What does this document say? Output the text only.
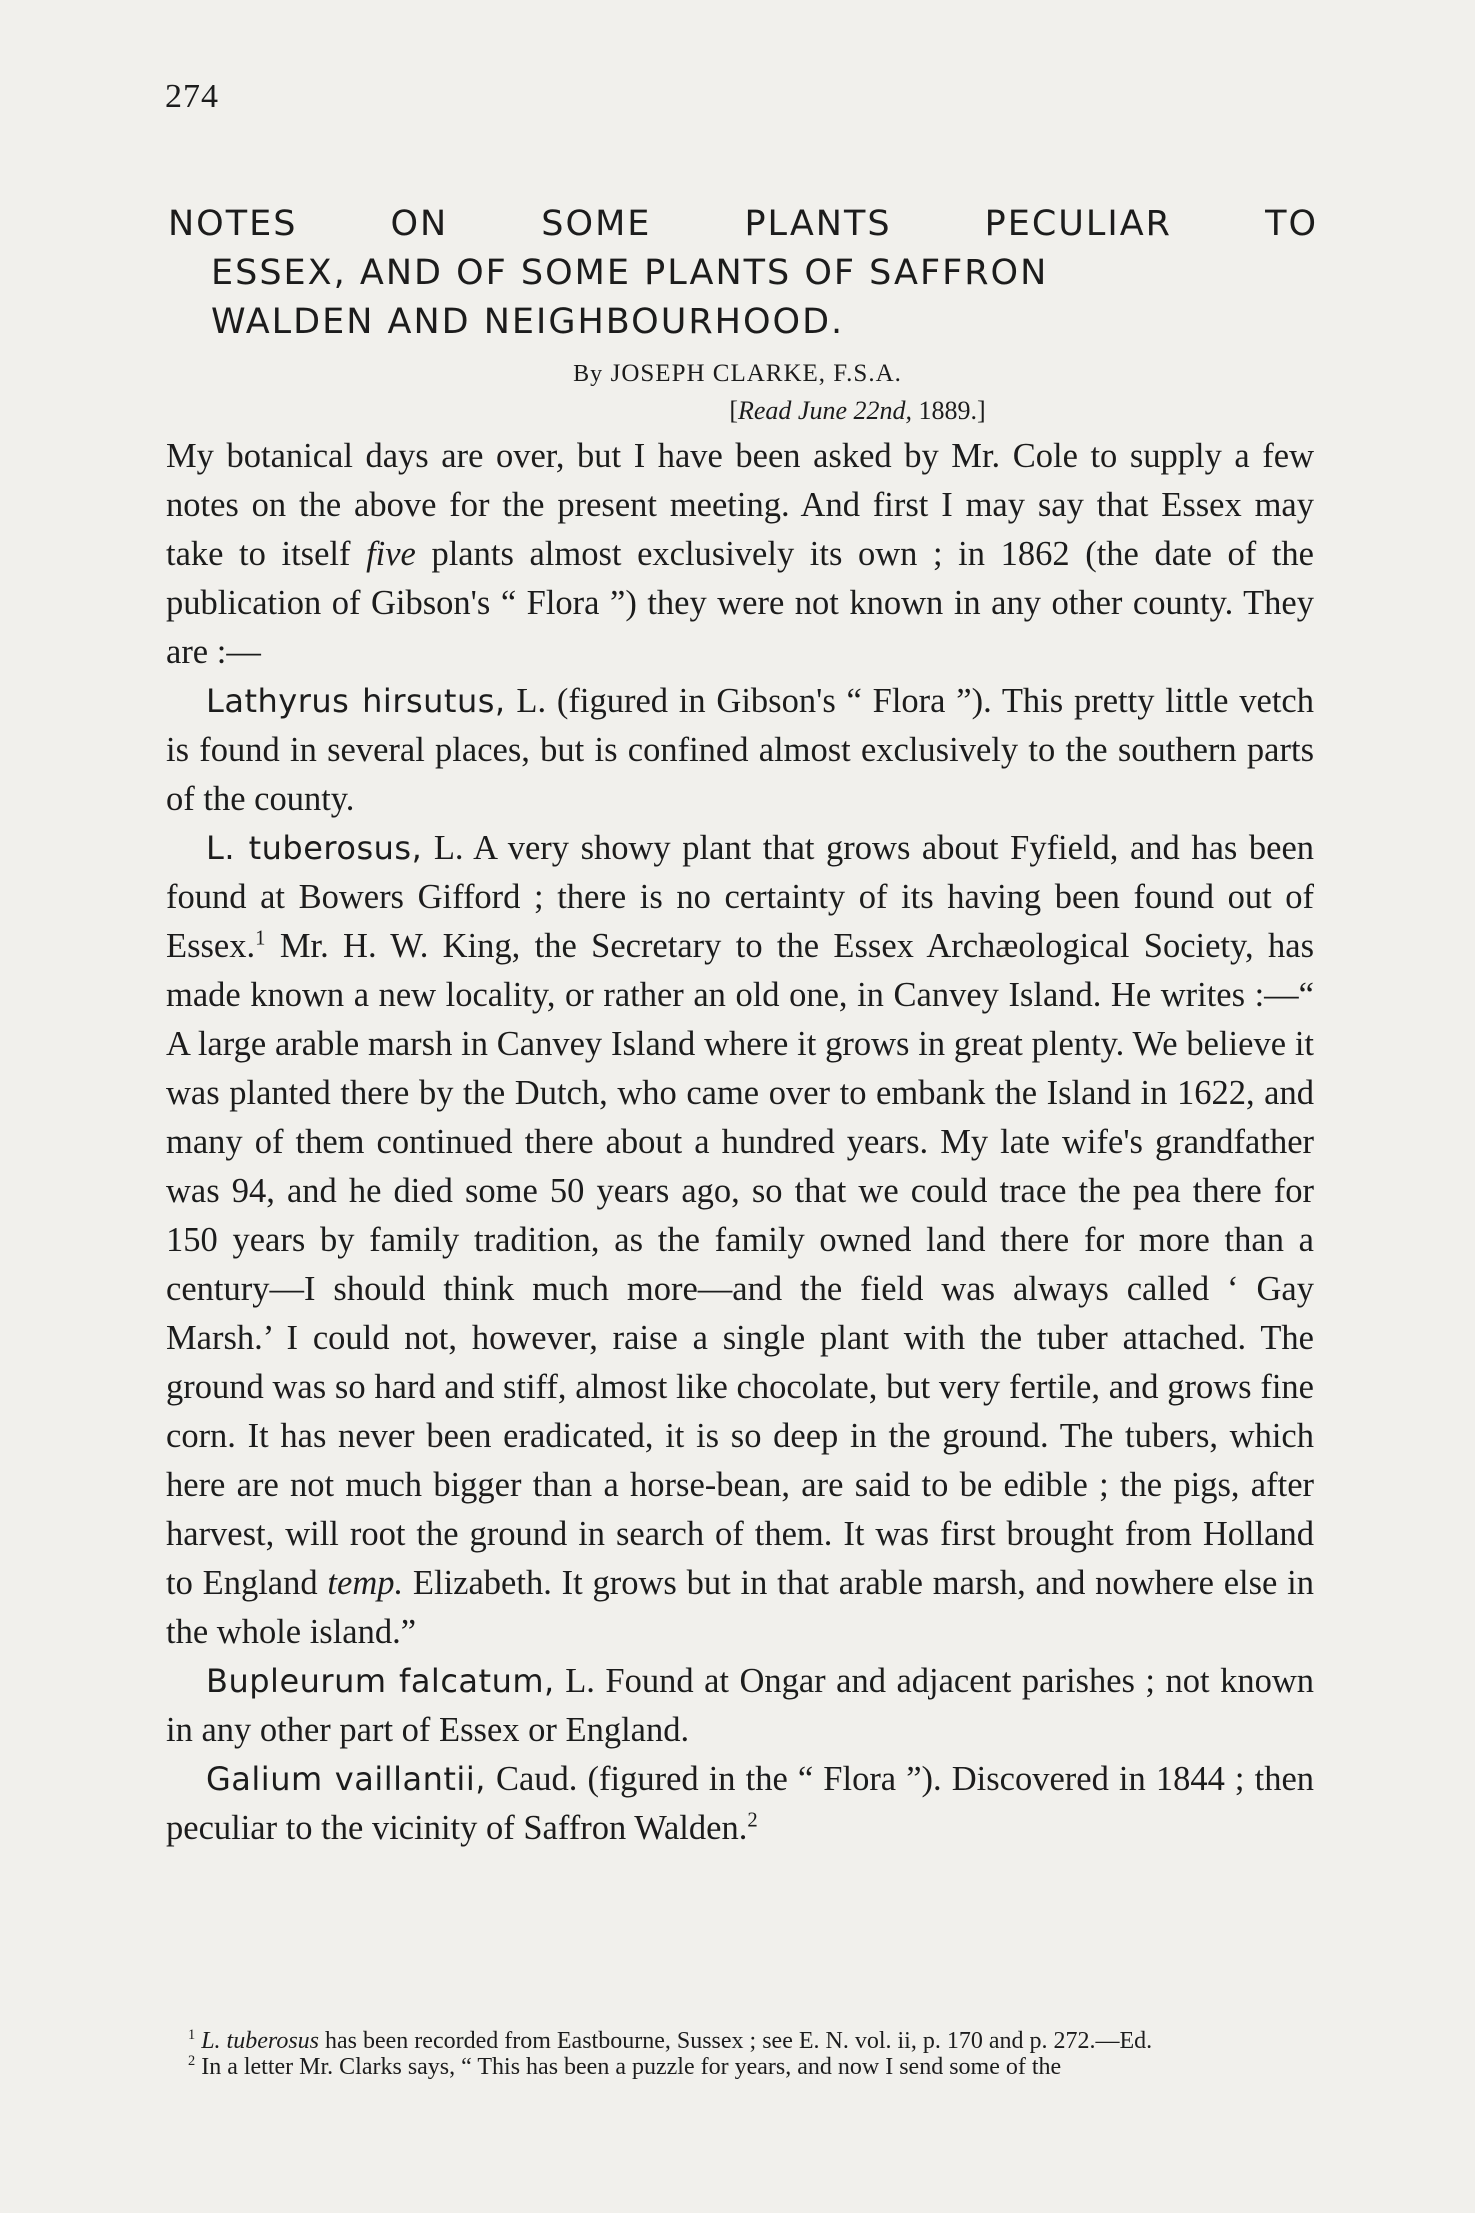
274
NOTES ON SOME PLANTS PECULIAR TO
ESSEX, AND OF SOME PLANTS OF SAFFRON
WALDEN AND NEIGHBOURHOOD.
By JOSEPH CLARKE, F.S.A.
[Read June 22nd, 1889.]

My botanical days are over, but I have been asked by Mr. Cole to supply a few notes on the above for the present meeting. And first I may say that Essex may take to itself five plants almost exclusively its own ; in 1862 (the date of the publication of Gibson's “ Flora ”) they were not known in any other county. They are :—

Lathyrus hirsutus, L. (figured in Gibson's “ Flora ”). This pretty little vetch is found in several places, but is confined almost exclusively to the southern parts of the county.

L. tuberosus, L. A very showy plant that grows about Fyfield, and has been found at Bowers Gifford ; there is no certainty of its having been found out of Essex.$^1$ Mr. H. W. King, the Secretary to the Essex Archæological Society, has made known a new locality, or rather an old one, in Canvey Island. He writes :—“ A large arable marsh in Canvey Island where it grows in great plenty. We believe it was planted there by the Dutch, who came over to embank the Island in 1622, and many of them continued there about a hundred years. My late wife's grandfather was 94, and he died some 50 years ago, so that we could trace the pea there for 150 years by family tradition, as the family owned land there for more than a century—I should think much more—and the field was always called ‘ Gay Marsh.’ I could not, however, raise a single plant with the tuber attached. The ground was so hard and stiff, almost like chocolate, but very fertile, and grows fine corn. It has never been eradicated, it is so deep in the ground. The tubers, which here are not much bigger than a horse-bean, are said to be edible ; the pigs, after harvest, will root the ground in search of them. It was first brought from Holland to England temp. Elizabeth. It grows but in that arable marsh, and nowhere else in the whole island.”

Bupleurum falcatum, L. Found at Ongar and adjacent parishes ; not known in any other part of Essex or England.

Galium vaillantii, Caud. (figured in the “ Flora ”). Discovered in 1844 ; then peculiar to the vicinity of Saffron Walden.$^2$

$^1$ L. tuberosus has been recorded from Eastbourne, Sussex ; see E. N. vol. ii, p. 170 and p. 272.—Ed.

$^2$ In a letter Mr. Clarks says, “ This has been a puzzle for years, and now I send some of the
